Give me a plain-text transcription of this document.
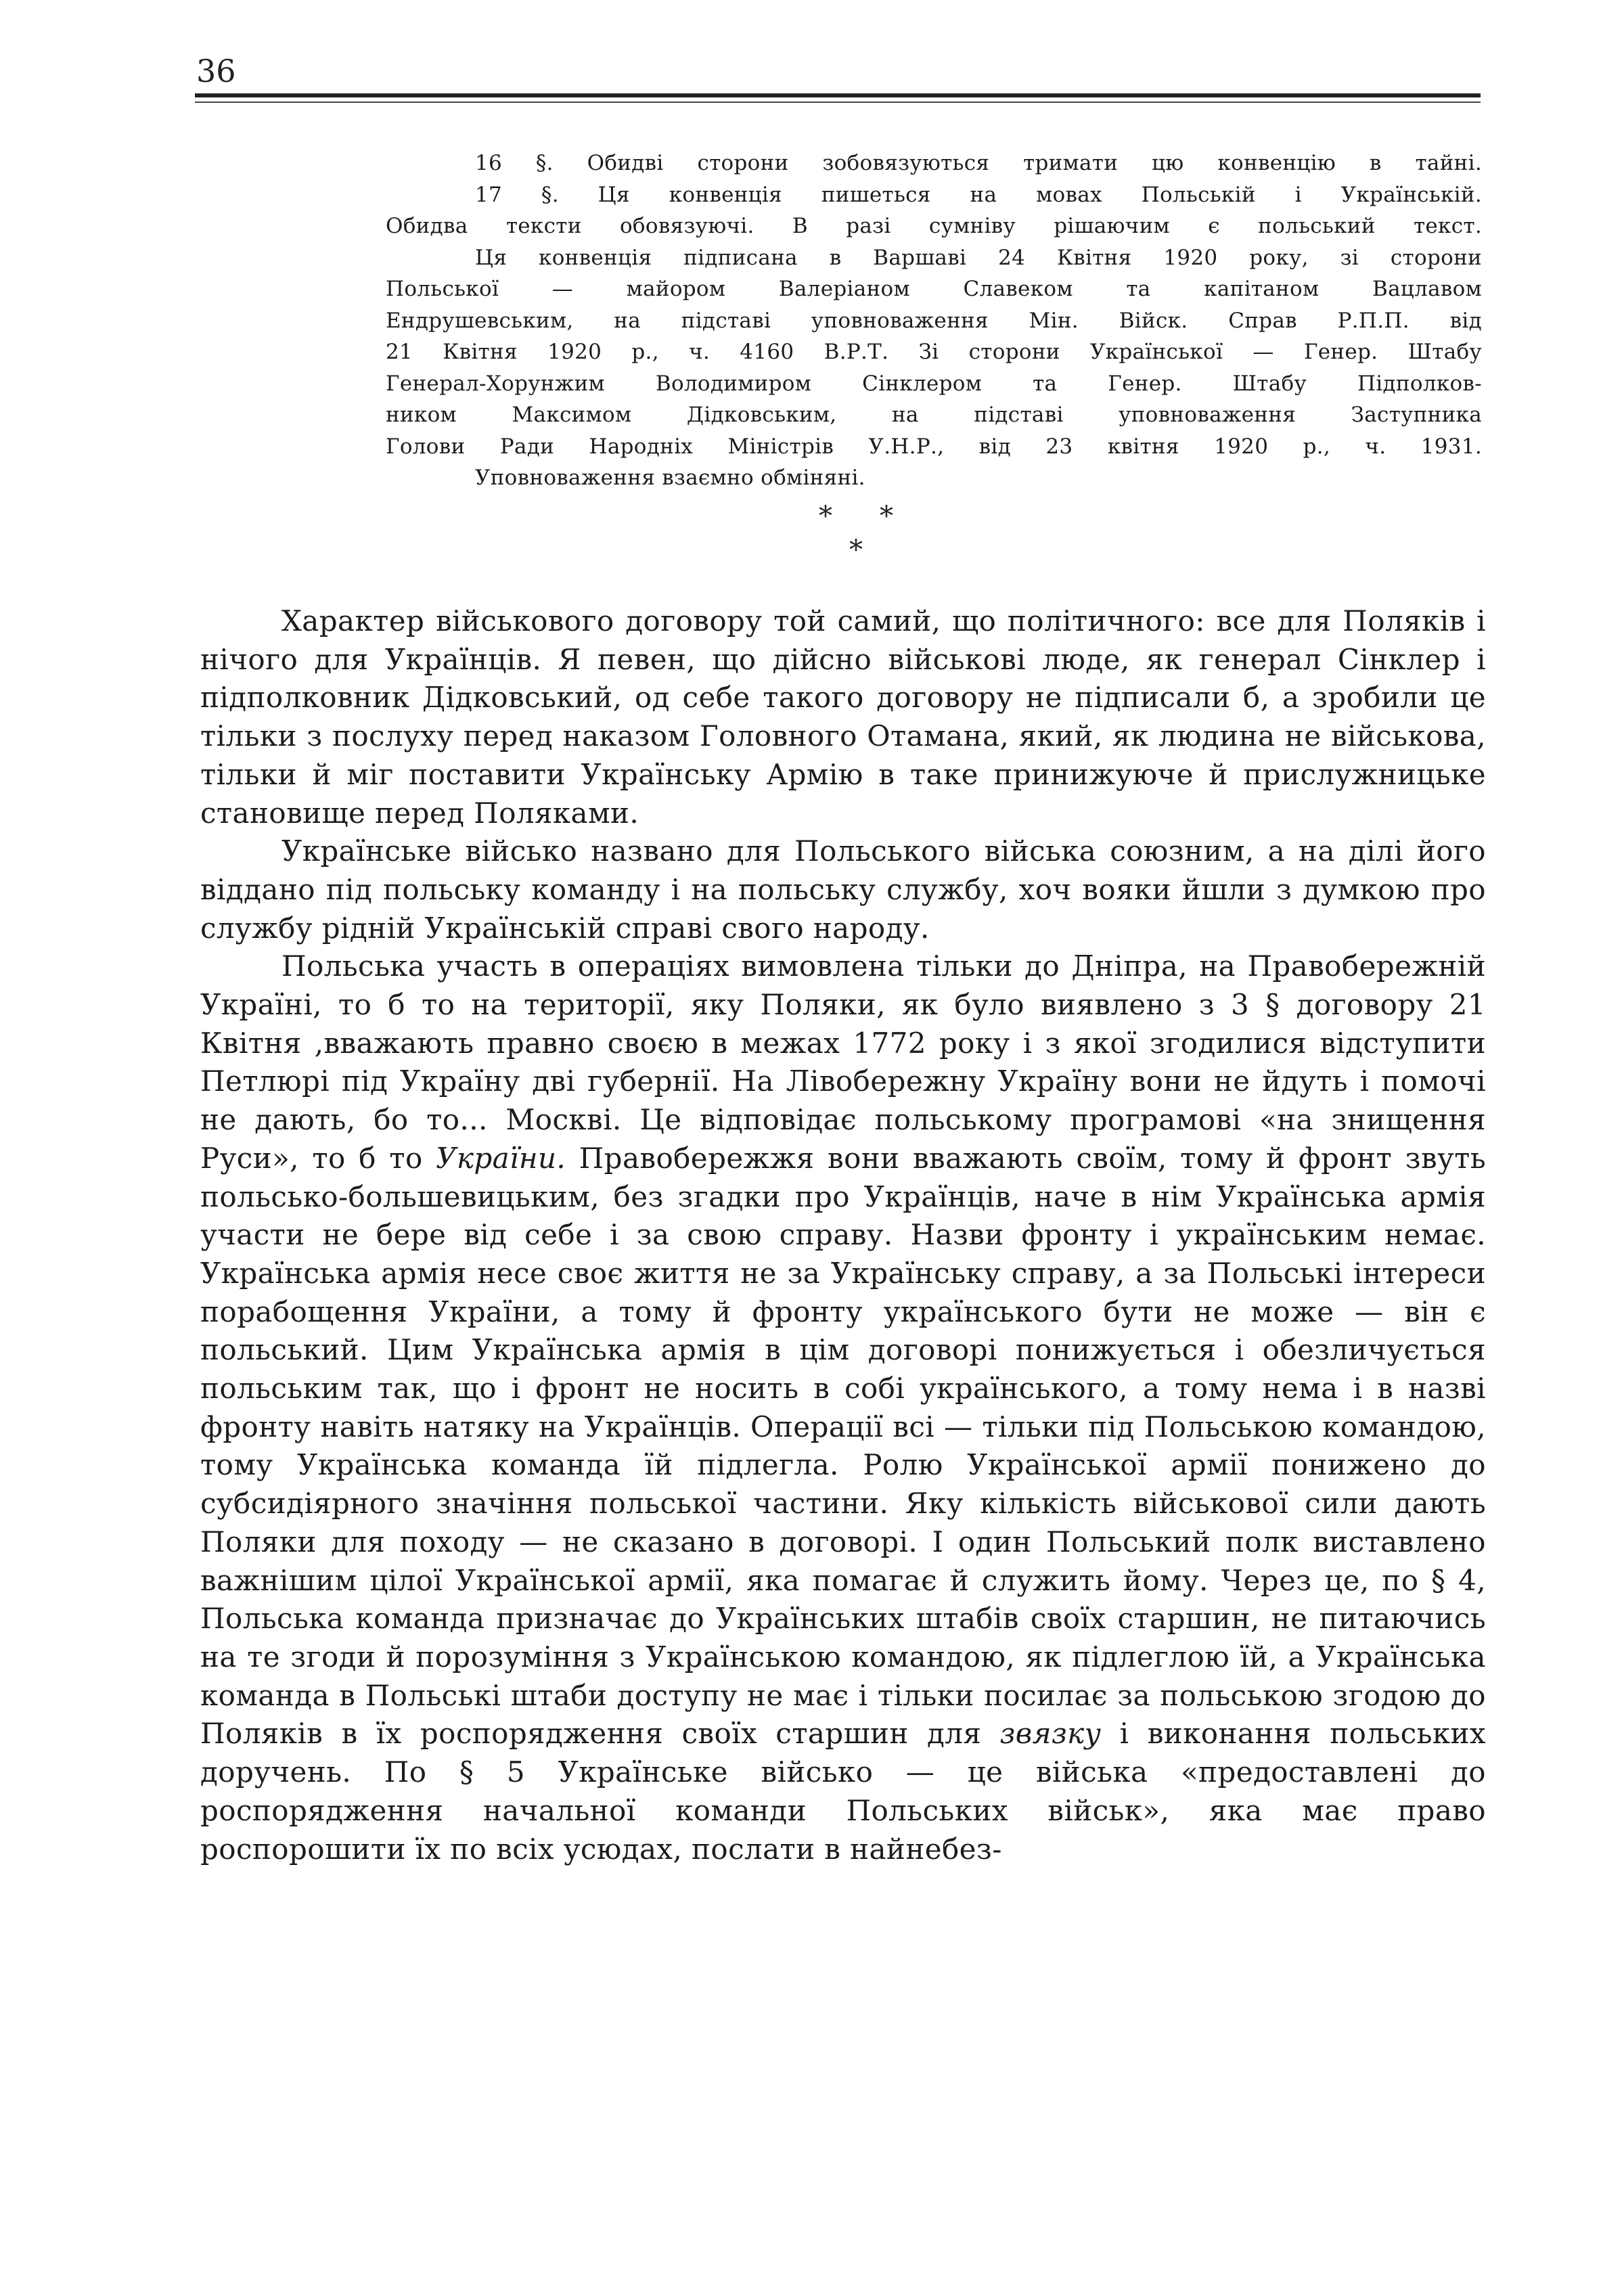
36

16 §. Обидві сторони зобовязуються тримати цю конвенцію в тайні.

17 §. Ця конвенція пишеться на мовах Польській і Українській.

Обидва тексти обовязуючі. В разі сумніву рішаючим є польський текст.

Ця конвенція підписана в Варшаві 24 Квітня 1920 року, зі сторони

Польської — майором Валеріаном Славеком та капітаном Вацлавом

Ендрушевським, на підставі уповноваження Мін. Війск. Справ Р.П.П. від

21 Квітня 1920 р., ч. 4160 В.Р.Т. Зі сторони Української — Генер. Штабу

Генерал-Хорунжим Володимиром Сінклером та Генер. Штабу Підполков-

ником Максимом Дідковським, на підставі уповноваження Заступника

Голови Ради Народніх Міністрів У.Н.Р., від 23 квітня 1920 р., ч. 1931.

Уповноваження взаємно обміняні.

* *
*

Характер військового договору той самий, що політичного: все для Поляків і нічого для Українців. Я певен, що дійсно військові люде, як генерал Сінклер і підполковник Дідковський, од себе такого договору не підписали б, а зробили це тільки з послуху перед наказом Головного Отамана, який, як людина не військова, тільки й міг поставити Українську Армію в таке принижуюче й прислужницьке становище перед Поляками.

Українське військо названо для Польського війська союзним, а на ділі його віддано під польську команду і на польську службу, хоч вояки йшли з думкою про службу рідній Українській справі свого народу.

Польська участь в операціях вимовлена тільки до Дніпра, на Правобережній Україні, то б то на території, яку Поляки, як було виявлено з 3 § договору 21 Квітня ,вважають правно своєю в межах 1772 року і з якої згодилися відступити Петлюрі під Україну дві губернії. На Лівобережну Україну вони не йдуть і помочі не дають, бо то... Москві. Це відповідає польському програмові «на знищення Руси», то б то України. Правобережжя вони вважають своїм, тому й фронт звуть польсько-большевицьким, без згадки про Українців, наче в нім Українська армія участи не бере від себе і за свою справу. Назви фронту і українським немає. Українська армія несе своє життя не за Українську справу, а за Польські інтереси порабощення України, а тому й фронту українського бути не може — він є польський. Цим Українська армія в цім договорі понижується і обезличується польським так, що і фронт не носить в собі українського, а тому нема і в назві фронту навіть натяку на Українців. Операції всі — тільки під Польською командою, тому Українська команда їй підлегла. Ролю Української армії понижено до субсидіярного значіння польської частини. Яку кількість військової сили дають Поляки для походу — не сказано в договорі. І один Польський полк виставлено важнішим цілої Української армії, яка помагає й служить йому. Через це, по § 4, Польська команда призначає до Українських штабів своїх старшин, не питаючись на те згоди й порозуміння з Українською командою, як підлеглою їй, а Українська команда в Польські штаби доступу не має і тільки посилає за польською згодою до Поляків в їх роспорядження своїх старшин для звязку і виконання польських доручень. По § 5 Українське військо — це війська «предоставлені до роспорядження начальної команди Польських військ», яка має право роспорошити їх по всіх усюдах, послати в найнебез-
